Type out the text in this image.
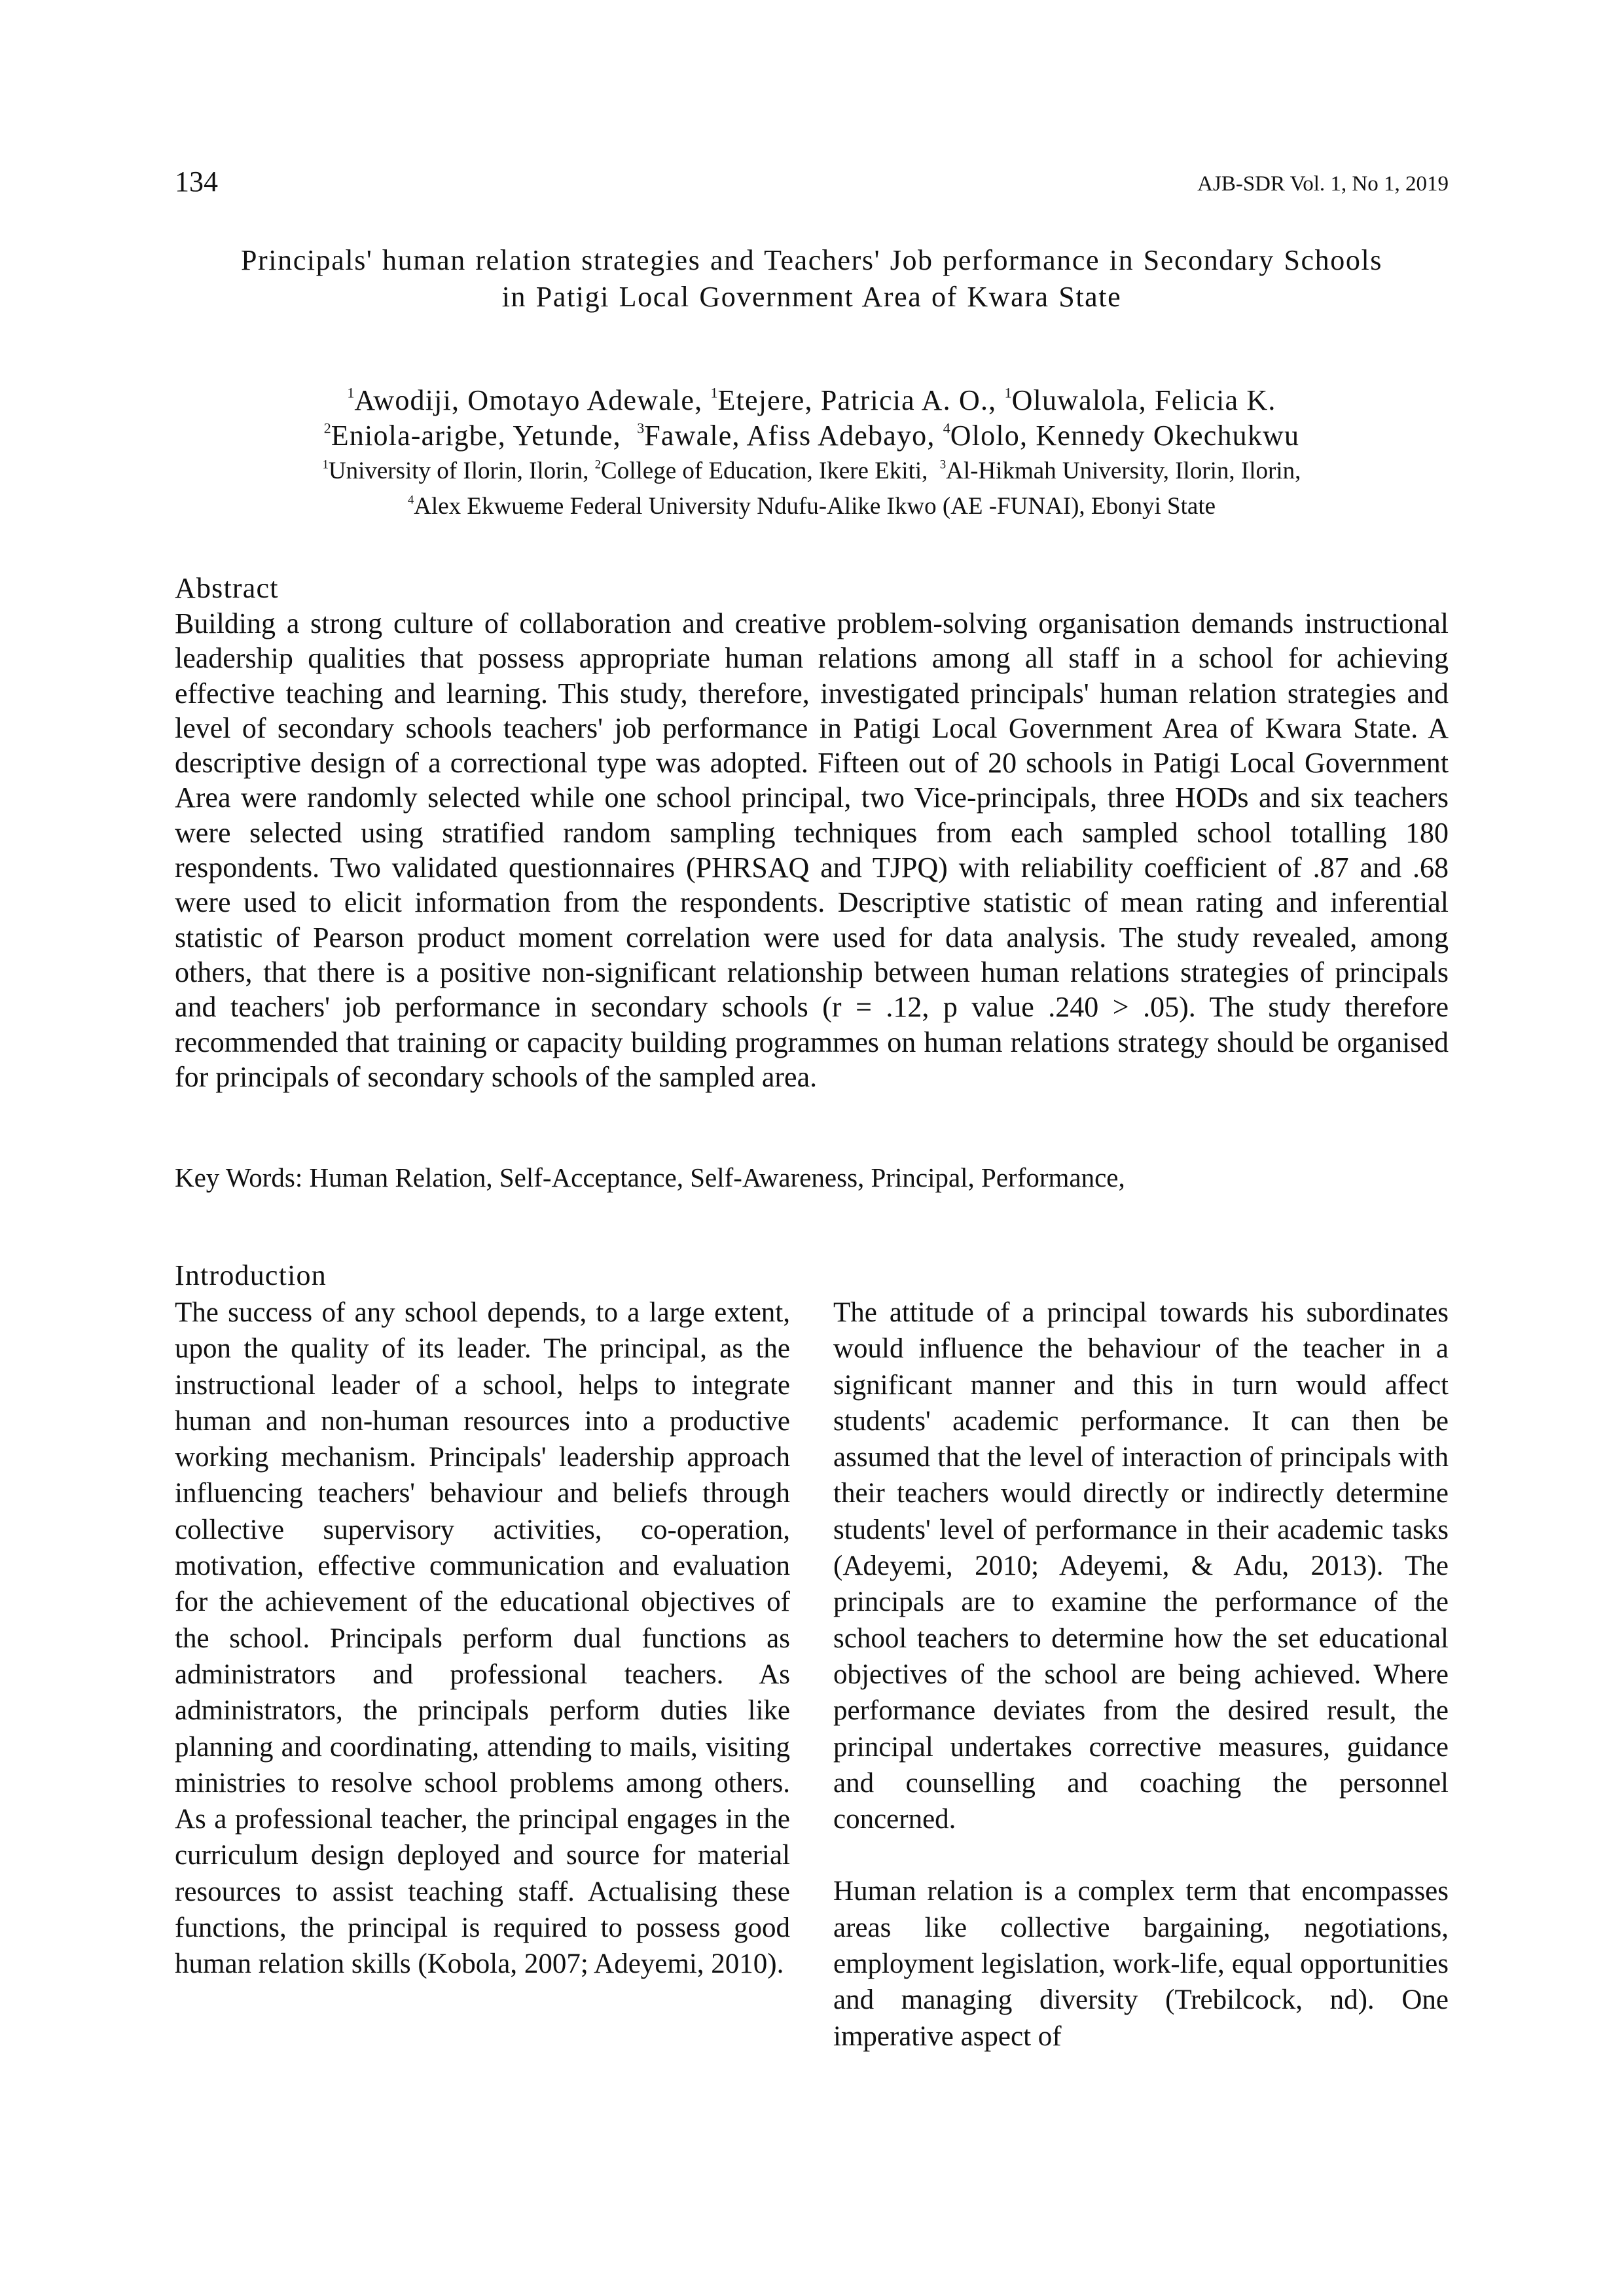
134	AJB-SDR Vol. 1, No 1, 2019
Principals' human relation strategies and Teachers' Job performance in Secondary Schools
in Patigi Local Government Area of Kwara State
$^1$Awodiji, Omotayo Adewale, $^1$Etejere, Patricia A. O., $^1$Oluwalola, Felicia K.
$^2$Eniola-arigbe, Yetunde,  $^3$Fawale, Afiss Adebayo, $^4$Ololo, Kennedy Okechukwu
$^1$University of Ilorin, Ilorin, $^2$College of Education, Ikere Ekiti,  $^3$Al-Hikmah University, Ilorin, Ilorin,
$^4$Alex Ekwueme Federal University Ndufu-Alike Ikwo (AE -FUNAI), Ebonyi State
Abstract

Building a strong culture of collaboration and creative problem-solving organisation demands instructional leadership qualities that possess appropriate human relations among all staff in a school for achieving effective teaching and learning. This study, therefore, investigated principals' human relation strategies and level of secondary schools teachers' job performance in Patigi Local Government Area of Kwara State. A descriptive design of a correctional type was adopted. Fifteen out of 20 schools in Patigi Local Government Area were randomly selected while one school principal, two Vice-principals, three HODs and six teachers were selected using stratified random sampling techniques from each sampled school totalling 180 respondents. Two validated questionnaires (PHRSAQ and TJPQ) with reliability coefficient of .87 and .68 were used to elicit information from the respondents. Descriptive statistic of mean rating and inferential statistic of Pearson product moment correlation were used for data analysis. The study revealed, among others, that there is a positive non-significant relationship between human relations strategies of principals and teachers' job performance in secondary schools (r = .12, p value .240 > .05). The study therefore recommended that training or capacity building programmes on human relations strategy should be organised for principals of secondary schools of the sampled area.

Key Words: Human Relation, Self-Acceptance, Self-Awareness, Principal, Performance,
Introduction

The success of any school depends, to a large extent, upon the quality of its leader. The principal, as the instructional leader of a school, helps to integrate human and non-human resources into a productive working mechanism. Principals' leadership approach influencing teachers' behaviour and beliefs through collective supervisory activities, co-operation, motivation, effective communication and evaluation for the achievement of the educational objectives of the school. Principals perform dual functions as administrators and professional teachers. As administrators, the principals perform duties like planning and coordinating, attending to mails, visiting ministries to resolve school problems among others. As a professional teacher, the principal engages in the curriculum design deployed and source for material resources to assist teaching staff. Actualising these functions, the principal is required to possess good human relation skills (Kobola, 2007; Adeyemi, 2010).

The attitude of a principal towards his subordinates would influence the behaviour of the teacher in a significant manner and this in turn would affect students' academic performance. It can then be assumed that the level of interaction of principals with their teachers would directly or indirectly determine students' level of performance in their academic tasks (Adeyemi, 2010; Adeyemi, & Adu, 2013). The principals are to examine the performance of the school teachers to determine how the set educational objectives of the school are being achieved. Where performance deviates from the desired result, the principal undertakes corrective measures, guidance and counselling and coaching the personnel concerned.

Human relation is a complex term that encompasses areas like collective bargaining, negotiations, employment legislation, work-life, equal opportunities and managing diversity (Trebilcock, nd). One imperative aspect of
